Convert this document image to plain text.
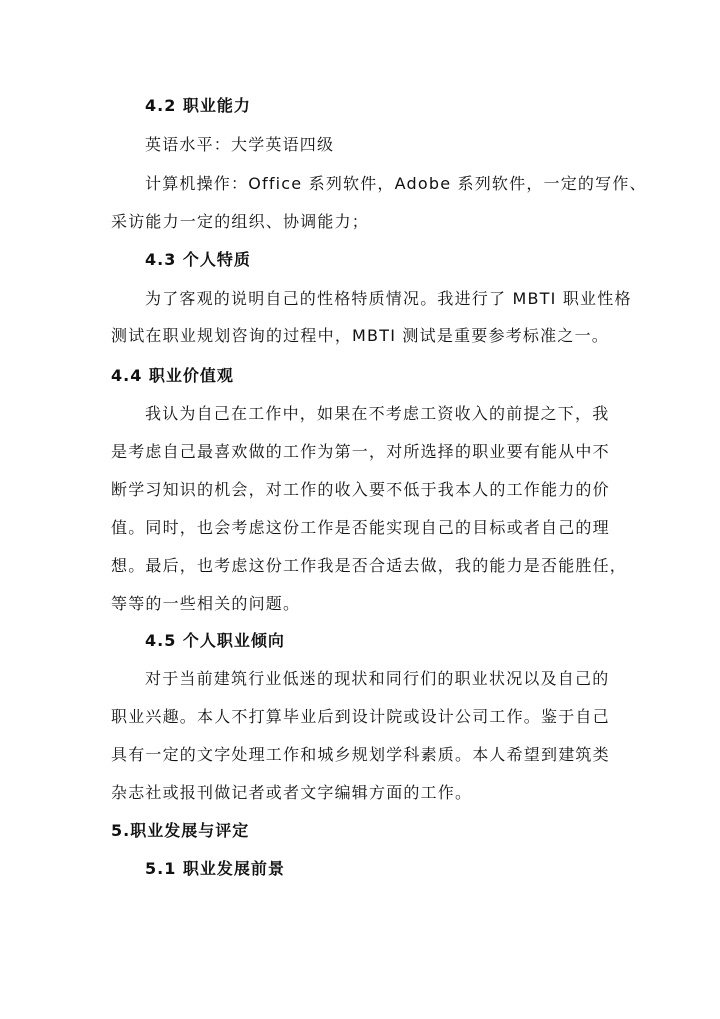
4.2 职业能力
英语水平：大学英语四级
计算机操作：Office 系列软件，Adobe 系列软件，一定的写作、
采访能力一定的组织、协调能力；
4.3 个人特质
为了客观的说明自己的性格特质情况。我进行了 MBTI 职业性格
测试在职业规划咨询的过程中，MBTI 测试是重要参考标准之一。
4.4 职业价值观
我认为自己在工作中，如果在不考虑工资收入的前提之下，我
是考虑自己最喜欢做的工作为第一，对所选择的职业要有能从中不
断学习知识的机会，对工作的收入要不低于我本人的工作能力的价
值。同时，也会考虑这份工作是否能实现自己的目标或者自己的理
想。最后，也考虑这份工作我是否合适去做，我的能力是否能胜任，
等等的一些相关的问题。
4.5 个人职业倾向
对于当前建筑行业低迷的现状和同行们的职业状况以及自己的
职业兴趣。本人不打算毕业后到设计院或设计公司工作。鉴于自己
具有一定的文字处理工作和城乡规划学科素质。本人希望到建筑类
杂志社或报刊做记者或者文字编辑方面的工作。
5.职业发展与评定
5.1 职业发展前景
